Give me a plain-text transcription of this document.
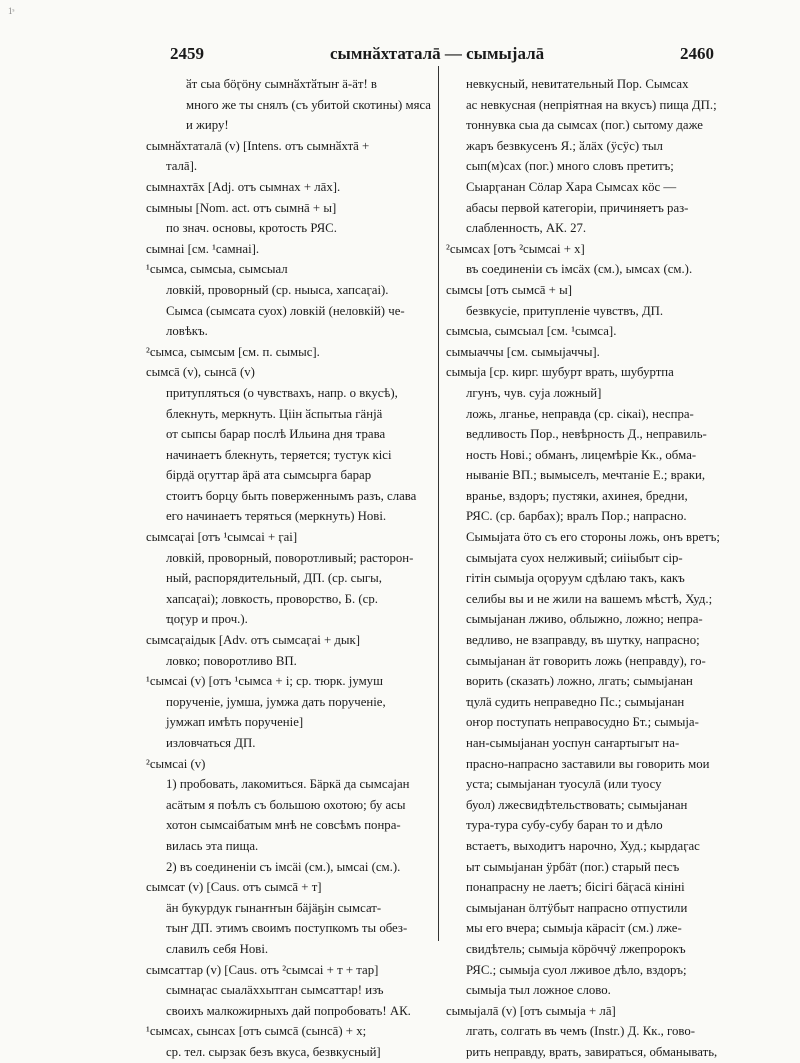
1ˢ
2459	сымнӑхтаталā — сымыјалā	2460
ӑт сыа бӧӷӧну сымнӑхтӑтыҥ ӓ-ӓт! в
много же ты снялъ (съ убитой скотины) мяса
и жиру!
сымнӑхтаталā (v) [Intens. отъ сымнӑхтā +
талā].
сымнахтāх [Adj. отъ сымнах + лāх].
сымныы [Nom. act. отъ сымнā + ы]
по знач. основы, кротость РЯС.
сымнаі [см. ¹самнаі].
¹сымса, сымсыа, сымсыал
ловкій, проворный (ср. ныыса, хапсаӷаі).
Сымса (сымсата суох) ловкій (неловкій) че-
ловѣкъ.
²сымса, сымсым [см. п. сымыс].
сымсā (v), сынсā (v)
притупляться (о чувствахъ, напр. о вкусѣ),
блекнуть, меркнуть. Ціін ӑспытыа гӓнјӓ
от сыпсы барар послѣ Ильина дня трава
начинаетъ блекнуть, теряется; тустук кісі
бірдӓ оӷуттар ӓрӓ ата сымсыргa барар
стоитъ борцу быть поверженнымъ разъ, слава
его начинаетъ теряться (меркнуть) Нові.
сымсаӷаі [отъ ¹сымсаі + ӷаі]
ловкій, проворный, поворотливый; расторон-
ный, распорядительный, ДП. (ср. сыгы,
хапсаӷаі); ловкость, проворство, Б. (ср.
ҵоӷур и проч.).
сымсаӷаідык [Adv. отъ сымсаӷаі + дык]
ловко; поворотливо ВП.
¹сымсаі (v) [отъ ¹сымса + і; ср. тюрк. јумуш
порученіе, јумша, јумжа дать порученіе,
јумжап имѣть порученіе]
изловчаться ДП.
²сымсаі (v)
1) пробовать, лакомиться. Бӓркӓ да сымсајан
асӓтым я поѣлъ съ большою охотою; бу асы
хотон сымсаібатым мнѣ не совсѣмъ понра-
вилась эта пища.
2) въ соединеніи съ імсӓі (см.), ымсаі (см.).
сымсат (v) [Caus. отъ сымсā + т]
ӓн букурдук гынаҥҥын бӓјӓҕін сымсат-
тыҥ ДП. этимъ своимъ поступкомъ ты обез-
славилъ себя Нові.
сымсаттар (v) [Caus. отъ ²сымсаі + т + тар]
сымнаӷас сыалӓххытган сымсаттар! изъ
своихъ малкожирныхъ дай попробовать! АК.
¹сымсах, сынсах [отъ сымсā (сынсā) + х;
ср. тел. сырзак безъ вкуса, безвкусный]
невкусный, невитательный Пор. Сымсах
ас невкусная (непріятная на вкусъ) пища ДП.;
тоннувка сыа да сымсах (пог.) сытому даже
жаръ безвкусенъ Я.; ӑлӓх (ӱсӱс) тыл
сып(м)сах (пог.) много словъ претитъ;
Сыарӷанан Сӧлар Хара Сымсах кӧс —
абасы первой категоріи, причиняетъ раз-
слабленность, АК. 27.
²сымсах [отъ ²сымсаі + х]
въ соединеніи съ імсӓх (см.), ымсах (см.).
сымсы [отъ сымсā + ы]
безвкусіе, притупленіе чувствъ, ДП.
сымсыа, сымсыал [см. ¹сымса].
сымыаччы [см. сымыјаччы].
сымыја [ср. кирг. шубурт врать, шубуртпа
лгунъ, чув. суја ложный]
ложь, лганье, неправда (ср. сікаі), неспра-
ведливость Пор., невѣрность Д., неправиль-
ность Нові.; обманъ, лицемѣріе Кк., обма-
нываніе ВП.; вымыселъ, мечтаніе Е.; враки,
вранье, вздоръ; пустяки, ахинея, бредни,
РЯС. (ср. барбах); вралъ Пор.; напрасно.
Сымыјата ӧто съ его стороны ложь, онъ вретъ;
сымыјата суох нелживый; сиііыбыт сір-
гітін сымыја оӷоруум сдѣлаю такъ, какъ
селибы вы и не жили на вашемъ мѣстѣ, Худ.;
сымыјанан лживо, облыжно, ложно; непра-
ведливо, не взаправду, въ шутку, напрасно;
сымыјанан ӓт говорить ложь (неправду), го-
ворить (сказать) ложно, лгать; сымыјанан
ҵулӓ судить неправедно Пс.; сымыјанан
оҥор поступать неправосудно Бт.; сымыја-
нан-сымыјанан уоспун саҥартыгыт на-
прасно-напрасно заставили вы говорить мои
уста; сымыјанан туосулā (или туосу
буол) лжесвидѣтельствовать; сымыјанан
тура-тура субу-субу баран то и дѣло
встаетъ, выходитъ нарочно, Худ.; кырдаӷас
ыт сымыјанан ӱрбӓт (пог.) старый песъ
понапрасну не лаетъ; бісігі бӓӷасӓ кініні
сымыјанан ӧлтӱбыт напрасно отпустили
мы его вчера; сымыја кӓрасіт (см.) лже-
свидѣтель; сымыја кӧрӧччӱ лжепророкъ
РЯС.; сымыја суол лживое дѣло, вздоръ;
сымыја тыл ложное слово.
сымыјалā (v) [отъ сымыја + лā]
лгать, солгать въ чемъ (Instr.) Д. Кк., гово-
рить неправду, врать, завираться, обманывать,
